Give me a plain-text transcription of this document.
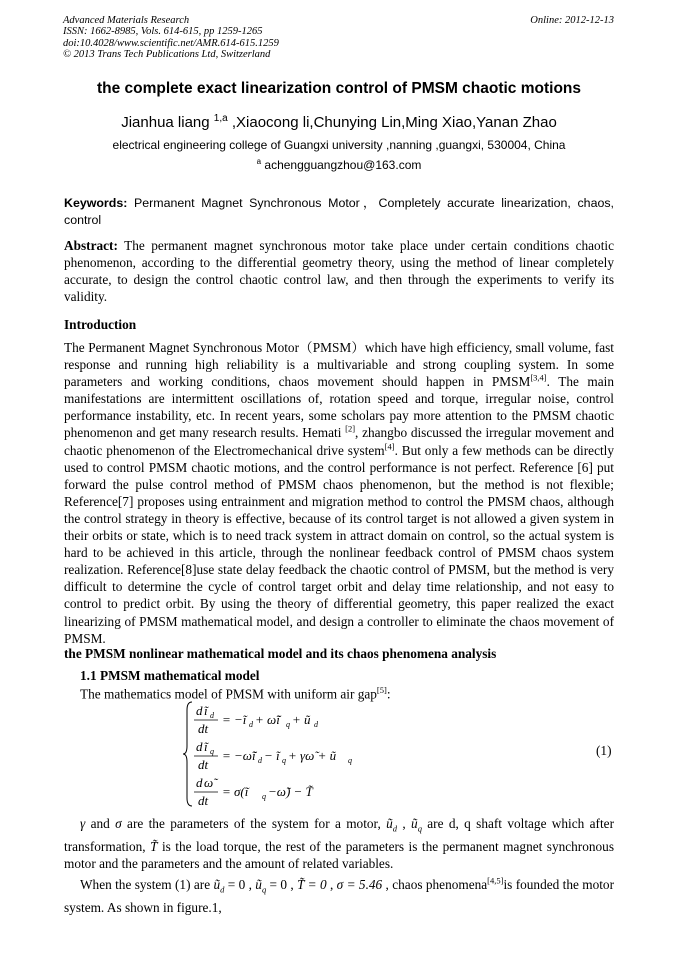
Advanced Materials Research
ISSN: 1662-8985, Vols. 614-615, pp 1259-1265
doi:10.4028/www.scientific.net/AMR.614-615.1259
© 2013 Trans Tech Publications Ltd, Switzerland
Online: 2012-12-13
the complete exact linearization control of PMSM chaotic motions
Jianhua liang $^{1,a}$ ,Xiaocong li,Chunying Lin,Ming Xiao,Yanan Zhao
electrical engineering college of Guangxi university ,nanning ,guangxi, 530004, China
$^a$ achengguangzhou@163.com
Keywords: Permanent Magnet Synchronous Motor，Completely accurate linearization, chaos, control
Abstract: The permanent magnet synchronous motor take place under certain conditions chaotic phenomenon, according to the differential geometry theory, using the method of linear completely accurate, to design the control chaotic control law, and then through the experiments to verify its validity.
Introduction
The Permanent Magnet Synchronous Motor（PMSM）which have high efficiency, small volume, fast response and running high reliability is a multivariable and strong coupling system. In some parameters and working conditions, chaos movement should happen in PMSM[3,4]. The main manifestations are intermittent oscillations of, rotation speed and torque, irregular noise, control performance instability, etc. In recent years, some scholars pay more attention to the PMSM chaotic phenomenon and get many research results. Hemati [2], zhangbo discussed the irregular movement and chaotic phenomenon of the Electromechanical drive system[4]. But only a few methods can be directly used to control PMSM chaotic motions, and the control performance is not perfect. Reference [6] put forward the pulse control method of PMSM chaos phenomenon, but the method is not flexible; Reference[7] proposes using entrainment and migration method to control the PMSM chaos, although the control strategy in theory is effective, because of its control target is not allowed a given system in their orbits or state, which is to need track system in attract domain on control, so the actual system is hard to be achieved in this article, through the nonlinear feedback control of PMSM chaos system realization. Reference[8]use state delay feedback the chaotic control of PMSM, but the method is very difficult to determine the cycle of control target orbit and delay time relationship, and not easy to control to predict orbit. By using the theory of differential geometry, this paper realized the exact linearizing of PMSM mathematical model, and design a controller to eliminate the chaos movement of PMSM.
the PMSM nonlinear mathematical model and its chaos phenomena analysis
1.1 PMSM mathematical model
The mathematics model of PMSM with uniform air gap[5]:
d ĩ d
dt
= −ĩ d + ω̃ĩ q + ũ d
d ĩ q
dt
= −ω̃ĩ d − ĩ q + γω̃ + ũ q
d ω̃
dt
= σ(ĩ q −ω̃) − T̃
(1)
γ and σ are the parameters of the system for a motor, $ũ_d$ , $ũ_q$ are d, q shaft voltage which after transformation, T̃ is the load torque, the rest of the parameters is the permanent magnet synchronous motor and the parameters and the amount of related variables.
When the system (1) are $ũ_d = 0$ , $ũ_q = 0$ , T̃ = 0 , σ = 5.46 , chaos phenomena[4,5]is founded the motor system. As shown in figure.1,
